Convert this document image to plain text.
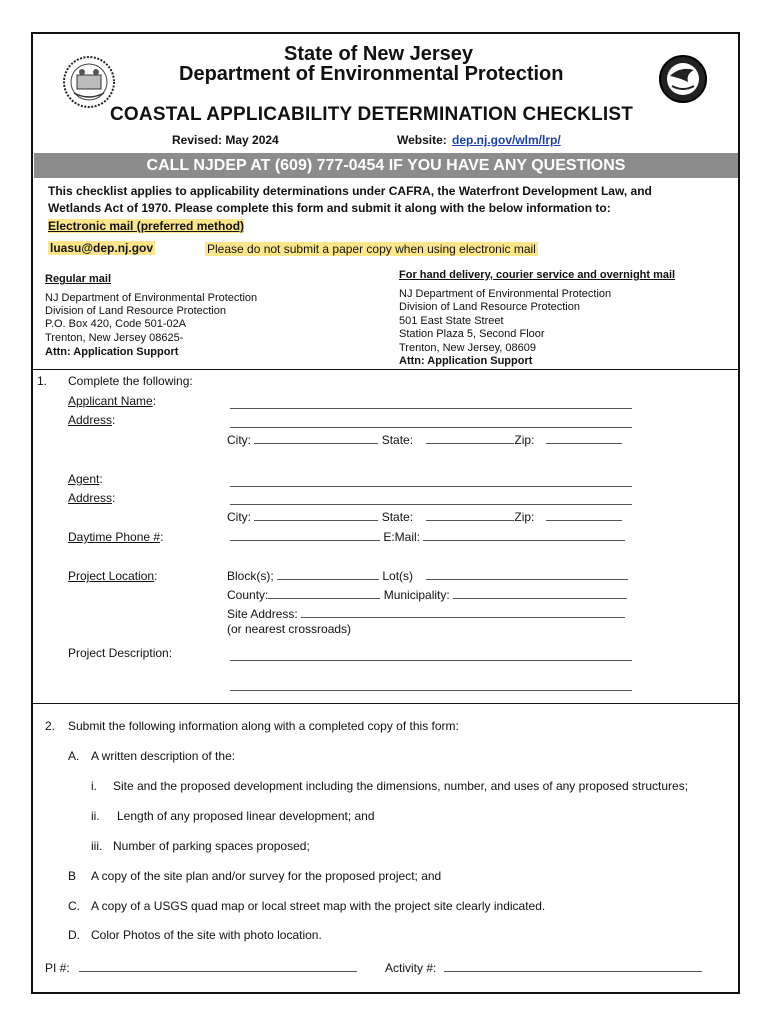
State of New Jersey
Department of Environmental Protection
COASTAL APPLICABILITY DETERMINATION CHECKLIST
Revised: May 2024	Website: dep.nj.gov/wlm/lrp/
CALL NJDEP AT (609) 777-0454 IF YOU HAVE ANY QUESTIONS
This checklist applies to applicability determinations under CAFRA, the Waterfront Development Law, and
Wetlands Act of 1970. Please complete this form and submit it along with the below information to:
Electronic mail (preferred method)
luasu@dep.nj.gov	Please do not submit a paper copy when using electronic mail
Regular mail
NJ Department of Environmental Protection
Division of Land Resource Protection
P.O. Box 420, Code 501-02A
Trenton, New Jersey 08625-
Attn: Application Support
For hand delivery, courier service and overnight mail
NJ Department of Environmental Protection
Division of Land Resource Protection
501 East State Street
Station Plaza 5, Second Floor
Trenton, New Jersey, 08609
Attn: Application Support
1. Complete the following:
Applicant Name:
Address:
City:	State:	Zip:
Agent:
Address:
City:	State:	Zip:
Daytime Phone #:	E:Mail:
Project Location:	Block(s);	Lot(s)
County:	Municipality:
Site Address:
(or nearest crossroads)
Project Description:
2. Submit the following information along with a completed copy of this form:
A. A written description of the:
i. Site and the proposed development including the dimensions, number, and uses of any proposed structures;
ii. Length of any proposed linear development; and
iii. Number of parking spaces proposed;
B A copy of the site plan and/or survey for the proposed project; and
C. A copy of a USGS quad map or local street map with the project site clearly indicated.
D. Color Photos of the site with photo location.
PI #:	Activity #:
